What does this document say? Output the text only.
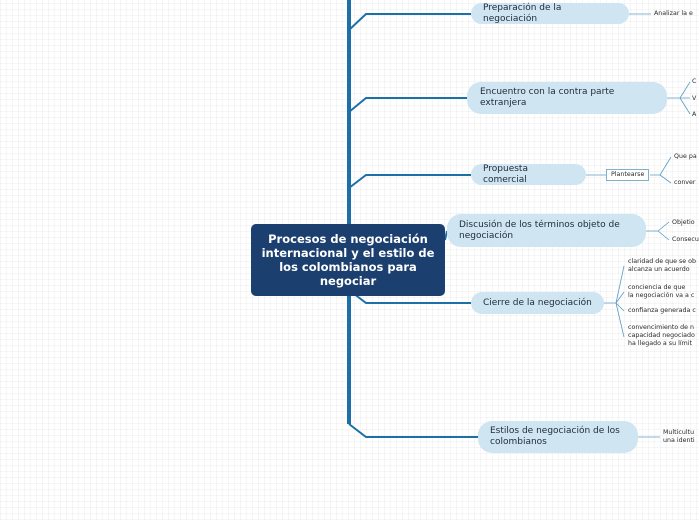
Procesos de negociación internacional y el estilo de los colombianos para negociar
Preparación de la negociación	Analizar la e
Encuentro con la contra parte extranjera
C
V
A
Propuesta comercial	Plantearse
Que pa
conver
Discusión de los términos objeto de negociación
Objetio
Consecu
Cierre de la negociación
claridad de que se ob
alcanza un acuerdo
conciencia de que
la negociación va a c
confianza generada c
convencimiento de n
capacidad negociado
ha llegado a su límit
Estilos de negociación de los colombianos
Multicultu
una identi
